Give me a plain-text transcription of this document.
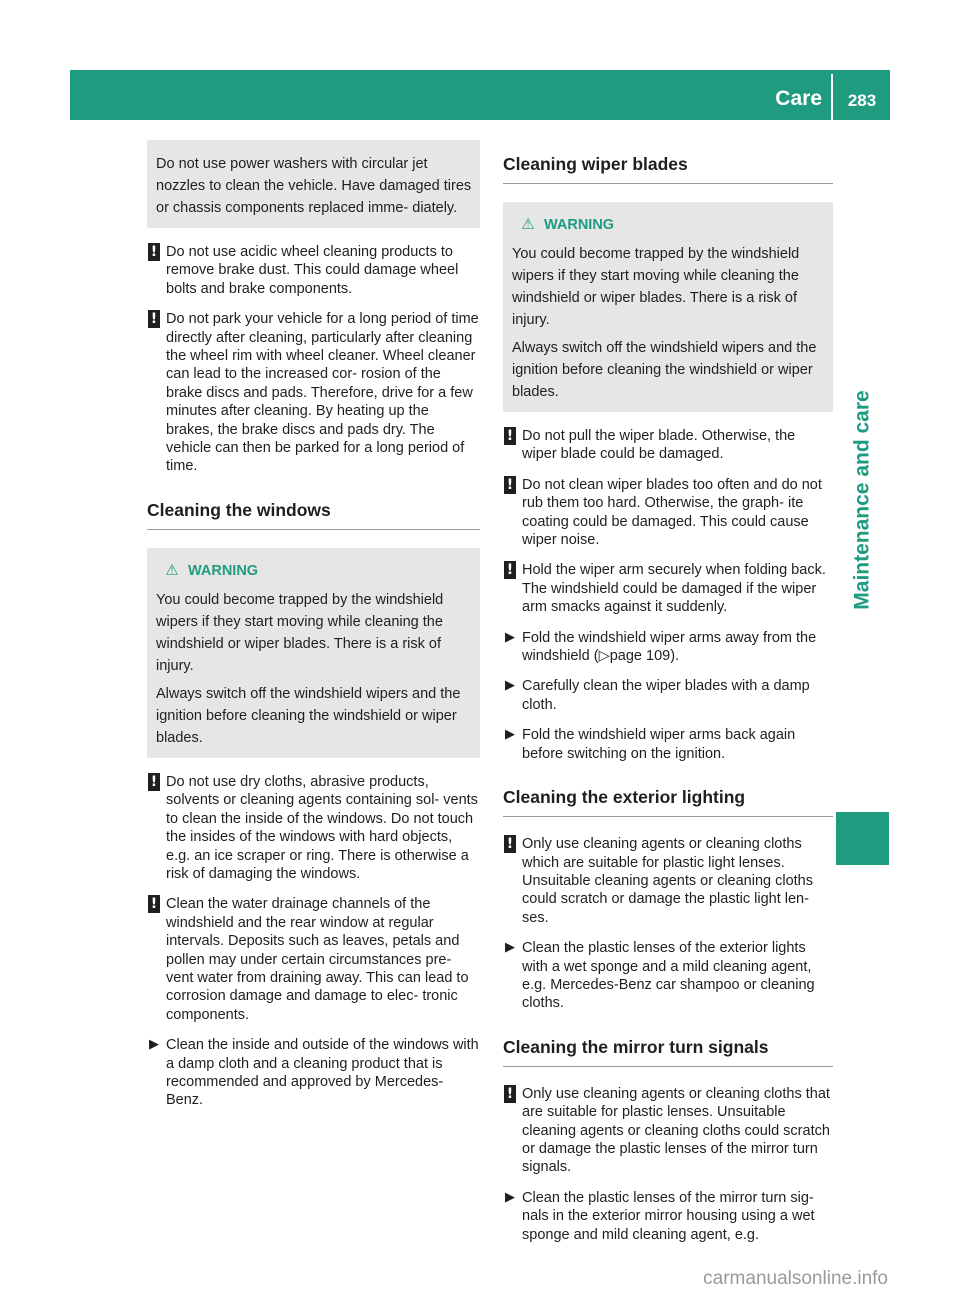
Care	283
Maintenance and care

Do not use power washers with circular jet nozzles to clean the vehicle. Have damaged tires or chassis components replaced imme- diately.

! Do not use acidic wheel cleaning products to remove brake dust. This could damage wheel bolts and brake components.
! Do not park your vehicle for a long period of time directly after cleaning, particularly after cleaning the wheel rim with wheel cleaner. Wheel cleaner can lead to the increased cor- rosion of the brake discs and pads. Therefore, drive for a few minutes after cleaning. By heating up the brakes, the brake discs and pads dry. The vehicle can then be parked for a long period of time.
Cleaning the windows
⚠ WARNING

You could become trapped by the windshield wipers if they start moving while cleaning the windshield or wiper blades. There is a risk of injury.

Always switch off the windshield wipers and the ignition before cleaning the windshield or wiper blades.

! Do not use dry cloths, abrasive products, solvents or cleaning agents containing sol- vents to clean the inside of the windows. Do not touch the insides of the windows with hard objects, e.g. an ice scraper or ring. There is otherwise a risk of damaging the windows.
! Clean the water drainage channels of the windshield and the rear window at regular intervals. Deposits such as leaves, petals and pollen may under certain circumstances pre- vent water from draining away. This can lead to corrosion damage and damage to elec- tronic components.
▶ Clean the inside and outside of the windows with a damp cloth and a cleaning product that is recommended and approved by Mercedes- Benz.
Cleaning wiper blades
⚠ WARNING

You could become trapped by the windshield wipers if they start moving while cleaning the windshield or wiper blades. There is a risk of injury.

Always switch off the windshield wipers and the ignition before cleaning the windshield or wiper blades.

! Do not pull the wiper blade. Otherwise, the wiper blade could be damaged.
! Do not clean wiper blades too often and do not rub them too hard. Otherwise, the graph- ite coating could be damaged. This could cause wiper noise.
! Hold the wiper arm securely when folding back. The windshield could be damaged if the wiper arm smacks against it suddenly.
▶ Fold the windshield wiper arms away from the windshield (▷page 109).
▶ Carefully clean the wiper blades with a damp cloth.
▶ Fold the windshield wiper arms back again before switching on the ignition.
Cleaning the exterior lighting
! Only use cleaning agents or cleaning cloths which are suitable for plastic light lenses. Unsuitable cleaning agents or cleaning cloths could scratch or damage the plastic light len- ses.
▶ Clean the plastic lenses of the exterior lights with a wet sponge and a mild cleaning agent, e.g. Mercedes-Benz car shampoo or cleaning cloths.
Cleaning the mirror turn signals
! Only use cleaning agents or cleaning cloths that are suitable for plastic lenses. Unsuitable cleaning agents or cleaning cloths could scratch or damage the plastic lenses of the mirror turn signals.
▶ Clean the plastic lenses of the mirror turn sig- nals in the exterior mirror housing using a wet sponge and mild cleaning agent, e.g.
carmanualsonline.info
